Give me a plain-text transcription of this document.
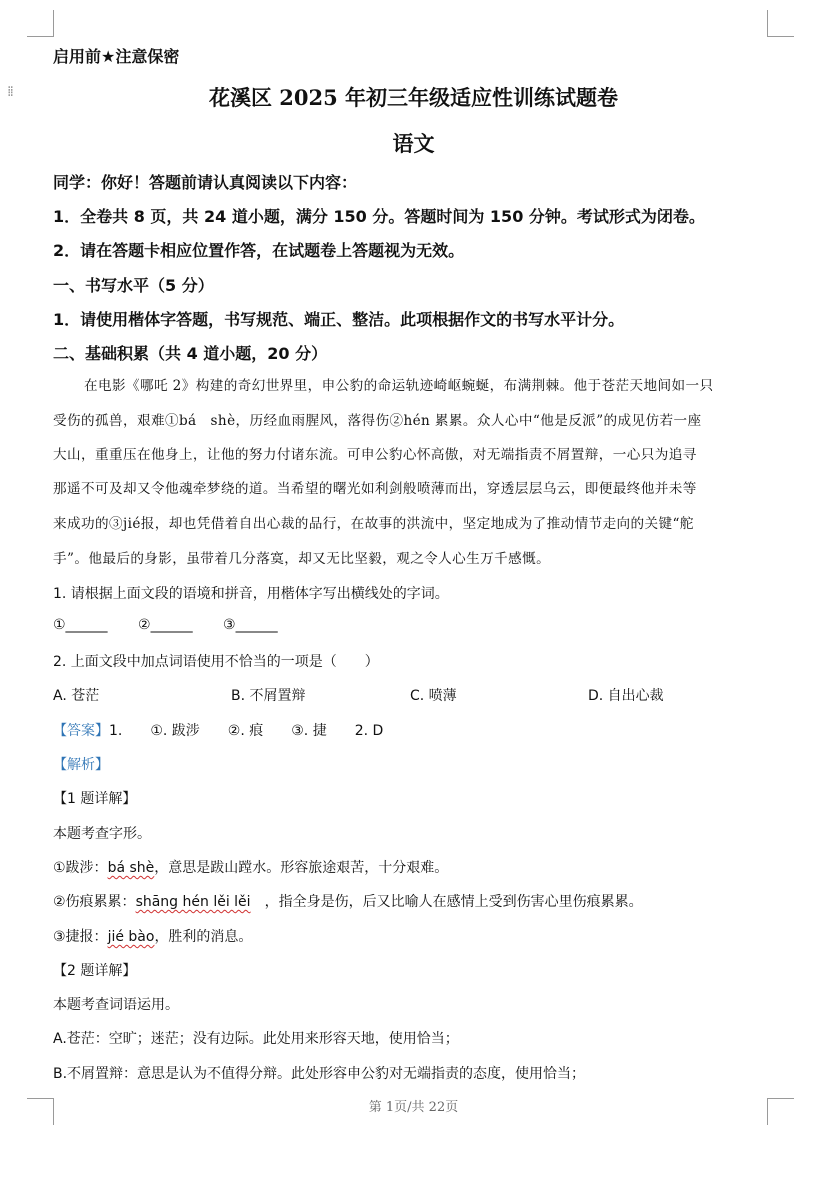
⁞⁞
启用前★注意保密
花溪区 2025 年初三年级适应性训练试题卷
语文
同学：你好！答题前请认真阅读以下内容：
1．全卷共 8 页，共 24 道小题，满分 150 分。答题时间为 150 分钟。考试形式为闭卷。
2．请在答题卡相应位置作答，在试题卷上答题视为无效。
一、书写水平（5 分）
1．请使用楷体字答题，书写规范、端正、整洁。此项根据作文的书写水平计分。
二、基础积累（共 4 道小题，20 分）
在电影《哪吒 2》构建的奇幻世界里，申公豹的命运轨迹崎岖蜿蜒，布满荆棘。他于苍茫天地间如一只
受伤的孤兽，艰难①bá　shè，历经血雨腥风，落得伤②hén 累累。众人心中“他是反派”的成见仿若一座
大山，重重压在他身上，让他的努力付诸东流。可申公豹心怀高傲，对无端指责不屑置辩，一心只为追寻
那遥不可及却又令他魂牵梦绕的道。当希望的曙光如利剑般喷薄而出，穿透层层乌云，即便最终他并未等
来成功的③jié报，却也凭借着自出心裁的品行，在故事的洪流中，坚定地成为了推动情节走向的关键“舵
手”。他最后的身影，虽带着几分落寞，却又无比坚毅，观之令人心生万千感慨。
1. 请根据上面文段的语境和拼音，用楷体字写出横线处的字词。
①______ ②______ ③______
2. 上面文段中加点词语使用不恰当的一项是（　　）
A. 苍茫	B. 不屑置辩	C. 喷薄	D. 自出心裁
【答案】1.　　①. 跋涉　　②. 痕　　③. 捷　　2. D
【解析】
【1 题详解】
本题考查字形。
①跋涉：bá shè，意思是跋山蹚水。形容旅途艰苦，十分艰难。
②伤痕累累：shāng hén lěi lěi　，指全身是伤，后又比喻人在感情上受到伤害心里伤痕累累。
③捷报：jié bào，胜利的消息。
【2 题详解】
本题考查词语运用。
A.苍茫：空旷；迷茫；没有边际。此处用来形容天地，使用恰当；
B.不屑置辩：意思是认为不值得分辩。此处形容申公豹对无端指责的态度，使用恰当；
第 1页/共 22页
